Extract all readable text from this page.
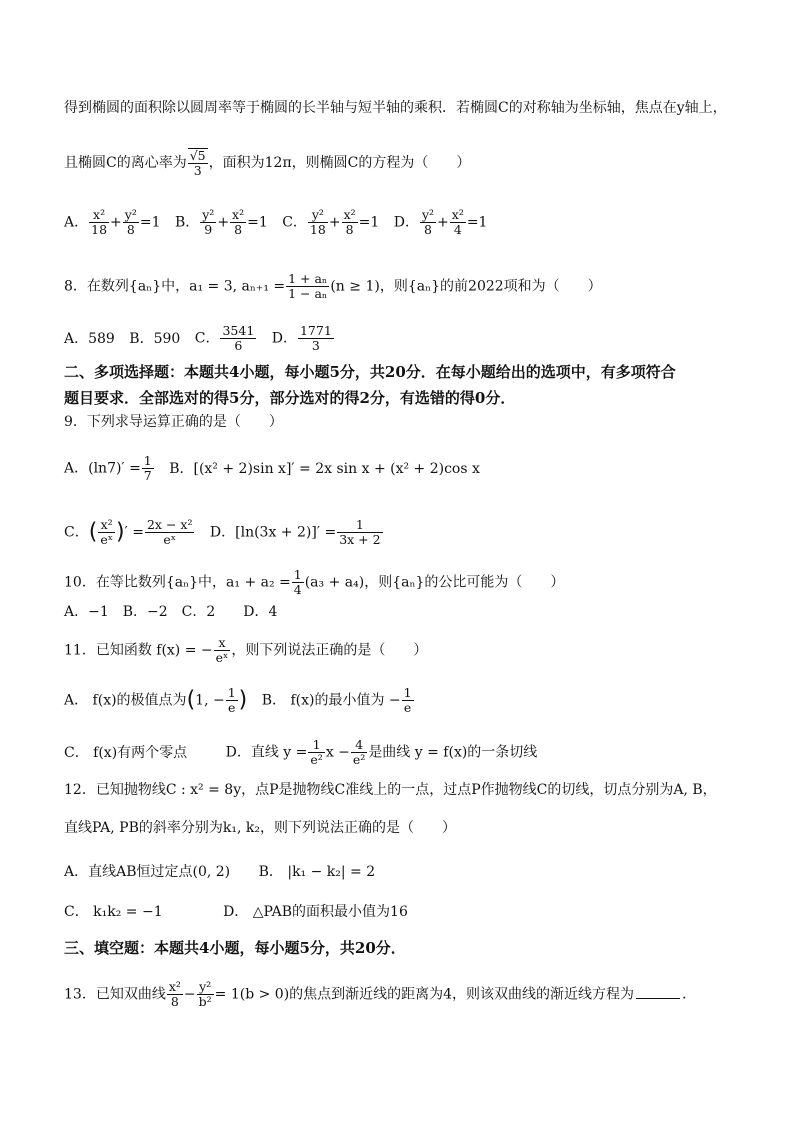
得到椭圆的面积除以圆周率等于椭圆的长半轴与短半轴的乘积．若椭圆C的对称轴为坐标轴，焦点在y轴上，
且椭圆C的离心率为 $\frac{√5}{3}$ ，面积为12π，则椭圆C的方程为（　　）
A． $\frac{\text{x²}}{18} + \frac{\text{y²}}{8} =1$ B． $\frac{\text{y²}}{9} + \frac{\text{x²}}{8} =1$ C． $\frac{\text{y²}}{18} + \frac{\text{x²}}{8} =1$ D． $\frac{\text{y²}}{8} + \frac{\text{x²}}{4} =1$
8．在数列{aₙ}中，a₁ = 3, $a_{n+1} = \frac{\text{1 + aₙ}}{\text{1 − aₙ}} (n \ge 1)$，则{aₙ}的前2022项和为（　　）
A．589 B．590 C． $\frac{3541}{6}$ D． $\frac{1771}{3}$
二、多项选择题：本题共4小题，每小题5分，共20分．在每小题给出的选项中，有多项符合
题目要求．全部选对的得5分，部分选对的得2分，有选错的得0分．
9．下列求导运算正确的是（　　）
A．$(\ln 7)' = \frac{1}{7}$ B．[(x² + 2)sin x]′ = 2x sin x + (x² + 2)cos x
C．( $\frac{\text{x²}}{\text{eˣ}}$ )′ = $\frac{\text{2x − x²}}{\text{eˣ}}$ D．$[\ln(3x + 2)]' = \frac{1}{3x + 2}$
10．在等比数列{aₙ}中，$a_1 + a_2 = \frac{1}{4} (a_3 + a_4)$，则{aₙ}的公比可能为（　　）
A．−1　B．−2　C．2　　D．4
11．已知函数 f(x) = − $\frac{x}{\text{eˣ}}$ ，则下列说法正确的是（　　）
A． f(x)的极值点为(1, − $\frac{1}{e}$ ) B． f(x)的最小值为 − $\frac{1}{e}$
C． f(x)有两个零点	D．直线 $y = \frac{1}{\text{e²}}$ $x - \frac{4}{\text{e²}}$ 是曲线 y = f(x)的一条切线
12．已知抛物线C : x² = 8y，点P是抛物线C准线上的一点，过点P作抛物线C的切线，切点分别为A, B，
直线PA, PB的斜率分别为k₁, k₂，则下列说法正确的是（　　）
A．直线AB恒过定点(0, 2) B． |k₁ − k₂| = 2
C． k₁k₂ = −1	D． △PAB的面积最小值为16
三、填空题：本题共4小题，每小题5分，共20分．
13．已知双曲线 $\frac{\text{x²}}{8} - \frac{\text{y²}}{\text{b²}} = 1(b > 0)$的焦点到渐近线的距离为4，则该双曲线的渐近线方程为	．
